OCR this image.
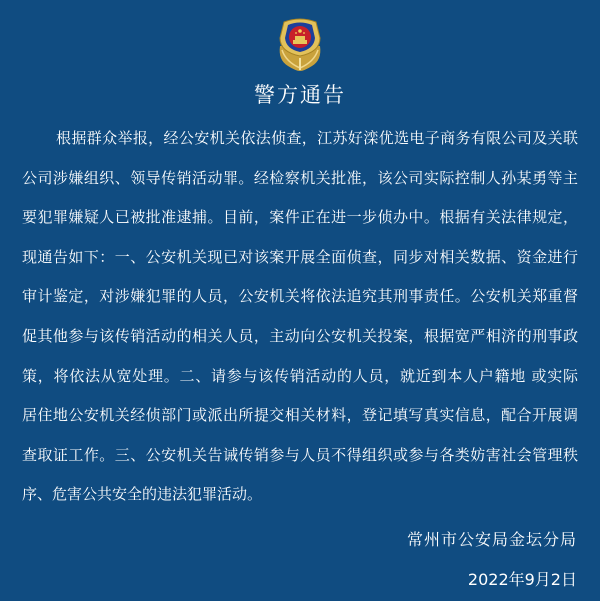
警方通告
根据群众举报，经公安机关依法侦查，江苏好滦优选电子商务有限公司及关联
公司涉嫌组织、领导传销活动罪。经检察机关批准，该公司实际控制人孙某勇等主
要犯罪嫌疑人已被批准逮捕。目前，案件正在进一步侦办中。根据有关法律规定，
现通告如下：一、公安机关现已对该案开展全面侦查，同步对相关数据、资金进行
审计鉴定，对涉嫌犯罪的人员，公安机关将依法追究其刑事责任。公安机关郑重督
促其他参与该传销活动的相关人员，主动向公安机关投案，根据宽严相济的刑事政
策，将依法从宽处理。二、请参与该传销活动的人员，就近到本人户籍地 或实际
居住地公安机关经侦部门或派出所提交相关材料，登记填写真实信息，配合开展调
查取证工作。三、公安机关告诫传销参与人员不得组织或参与各类妨害社会管理秩
序、危害公共安全的违法犯罪活动。
常州市公安局金坛分局
2022年9月2日
